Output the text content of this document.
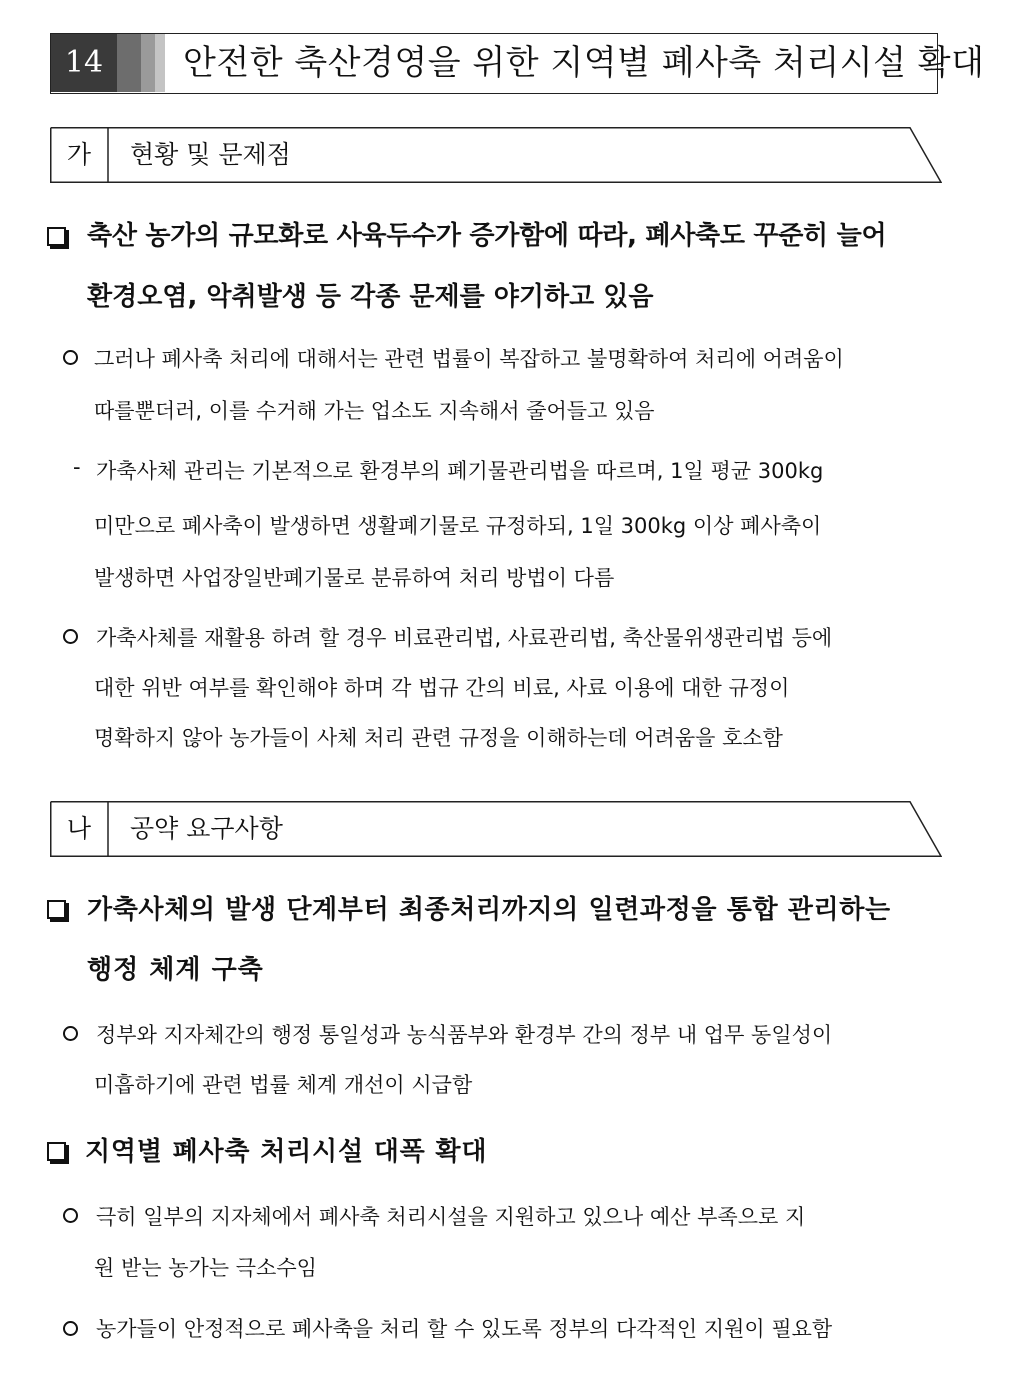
14	안전한 축산경영을 위한 지역별 폐사축 처리시설 확대
가	현황 및 문제점
축산 농가의 규모화로 사육두수가 증가함에 따라, 폐사축도 꾸준히 늘어
환경오염, 악취발생 등 각종 문제를 야기하고 있음
그러나 폐사축 처리에 대해서는 관련 법률이 복잡하고 불명확하여 처리에 어려움이
따를뿐더러, 이를 수거해 가는 업소도 지속해서 줄어들고 있음
- 가축사체 관리는 기본적으로 환경부의 폐기물관리법을 따르며, 1일 평균 300kg
미만으로 폐사축이 발생하면 생활폐기물로 규정하되, 1일 300kg 이상 폐사축이
발생하면 사업장일반폐기물로 분류하여 처리 방법이 다름
가축사체를 재활용 하려 할 경우 비료관리법, 사료관리법, 축산물위생관리법 등에
대한 위반 여부를 확인해야 하며 각 법규 간의 비료, 사료 이용에 대한 규정이
명확하지 않아 농가들이 사체 처리 관련 규정을 이해하는데 어려움을 호소함
나	공약 요구사항
가축사체의 발생 단계부터 최종처리까지의 일련과정을 통합 관리하는
행정 체계 구축
정부와 지자체간의 행정 통일성과 농식품부와 환경부 간의 정부 내 업무 동일성이
미흡하기에 관련 법률 체계 개선이 시급함
지역별 폐사축 처리시설 대폭 확대
극히 일부의 지자체에서 폐사축 처리시설을 지원하고 있으나 예산 부족으로 지
원 받는 농가는 극소수임
농가들이 안정적으로 폐사축을 처리 할 수 있도록 정부의 다각적인 지원이 필요함
